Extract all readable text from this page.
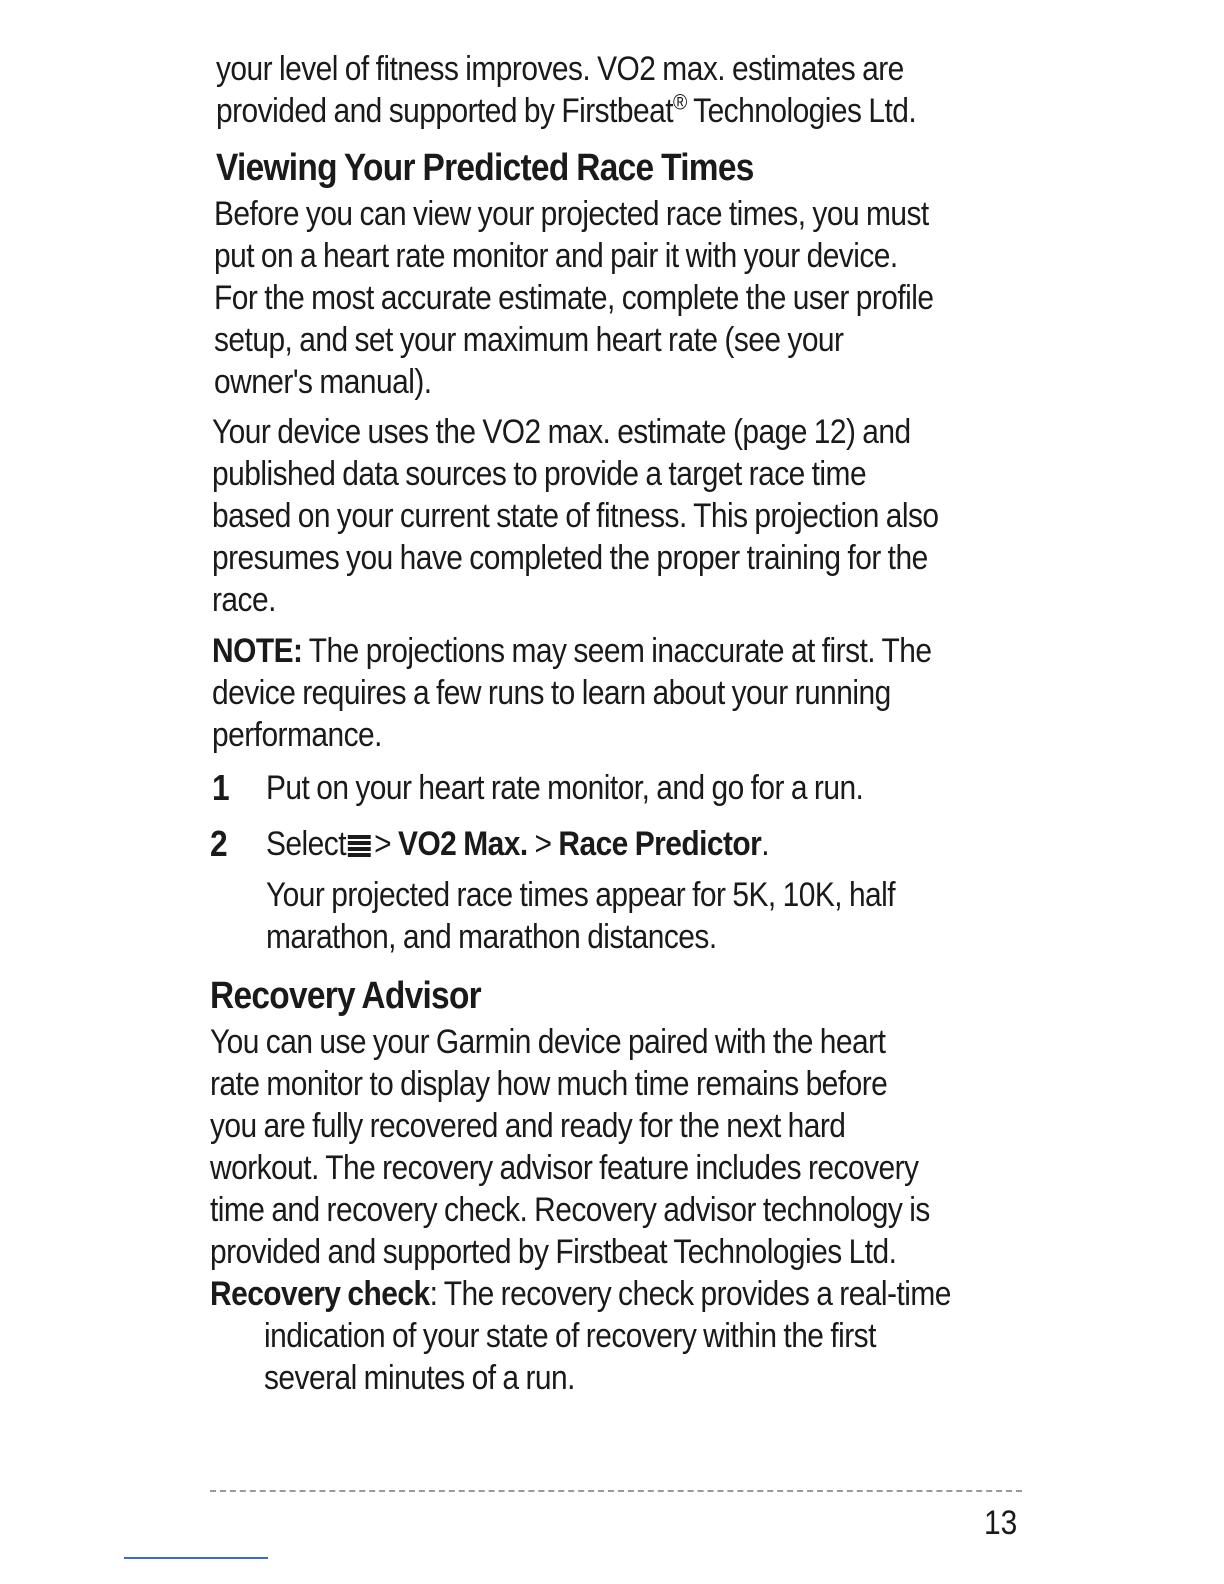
your level of fitness improves. VO2 max. estimates are
provided and supported by Firstbeat® Technologies Ltd.

Viewing Your Predicted Race Times

Before you can view your projected race times, you must put on a heart rate monitor and pair it with your device. For the most accurate estimate, complete the user profile setup, and set your maximum heart rate (see your owner's manual).

Your device uses the VO2 max. estimate (page 12) and published data sources to provide a target race time based on your current state of fitness. This projection also presumes you have completed the proper training for the race.

NOTE: The projections may seem inaccurate at first. The device requires a few runs to learn about your running performance.

1 Put on your heart rate monitor, and go for a run.

2 Select > VO2 Max. > Race Predictor.

Your projected race times appear for 5K, 10K, half marathon, and marathon distances.

Recovery Advisor

You can use your Garmin device paired with the heart rate monitor to display how much time remains before you are fully recovered and ready for the next hard workout. The recovery advisor feature includes recovery time and recovery check. Recovery advisor technology is provided and supported by Firstbeat Technologies Ltd.

Recovery check: The recovery check provides a real-time

indication of your state of recovery within the first several minutes of a run.

13
